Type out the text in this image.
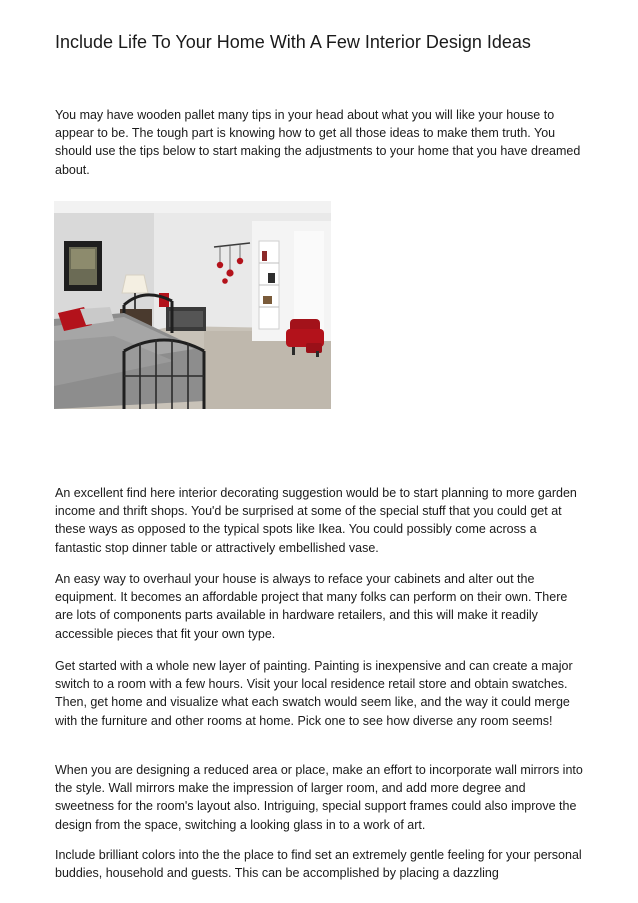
Include Life To Your Home With A Few Interior Design Ideas

You may have wooden pallet many tips in your head about what you will like your house to appear to be. The tough part is knowing how to get all those ideas to make them truth. You should use the tips below to start making the adjustments to your home that you have dreamed about.

An excellent find here interior decorating suggestion would be to start planning to more garden income and thrift shops. You'd be surprised at some of the special stuff that you could get at these ways as opposed to the typical spots like Ikea. You could possibly come across a fantastic stop dinner table or attractively embellished vase.

An easy way to overhaul your house is always to reface your cabinets and alter out the equipment. It becomes an affordable project that many folks can perform on their own. There are lots of components parts available in hardware retailers, and this will make it readily accessible pieces that fit your own type.

Get started with a whole new layer of painting. Painting is inexpensive and can create a major switch to a room with a few hours. Visit your local residence retail store and obtain swatches. Then, get home and visualize what each swatch would seem like, and the way it could merge with the furniture and other rooms at home. Pick one to see how diverse any room seems!

When you are designing a reduced area or place, make an effort to incorporate wall mirrors into the style. Wall mirrors make the impression of larger room, and add more degree and sweetness for the room's layout also. Intriguing, special support frames could also improve the design from the space, switching a looking glass in to a work of art.

Include brilliant colors into the the place to find set an extremely gentle feeling for your personal buddies, household and guests. This can be accomplished by placing a dazzling
